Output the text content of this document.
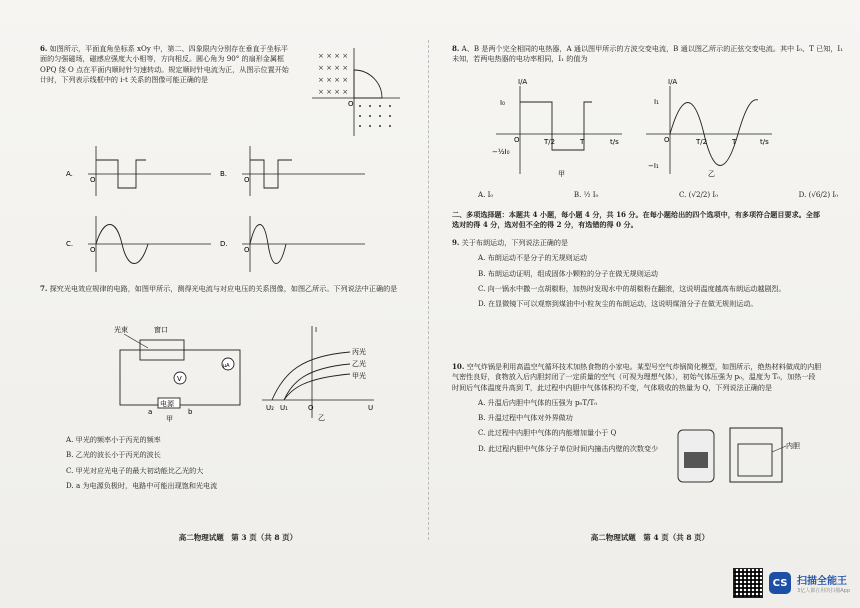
6. 如图所示，平面直角坐标系 xOy 中，第二、四象限内分别存在垂直于坐标平面的匀强磁场，磁感应强度大小相等，方向相反。圆心角为 90° 的扇形金属框 OPQ 绕 O 点在平面内顺时针匀速转动。规定顺时针电流为正，从图示位置开始计时，下列表示线框中的 i-t 关系的图像可能正确的是
× × × ×
× × × ×
× × × ×
× × × ×
O
A.
O
B.
O
C.
O
D.
O
7. 探究光电效应规律的电路，如图甲所示，测得光电流与对应电压的关系图像，如图乙所示。下列说法中正确的是
光束	窗口
V
μA
电源
a	b
甲
I
U
丙光
乙光
甲光
U₂ U₁	O
乙
A. 甲光的频率小于丙光的频率
B. 乙光的波长小于丙光的波长
C. 甲光对应光电子的最大初动能比乙光的大
D. a 为电源负极时，电路中可能出现饱和光电流
高二物理试题　第 3 页（共 8 页）
8. A、B 是两个完全相同的电热器，A 通以图甲所示的方波交变电流，B 通以图乙所示的正弦交变电流。其中 I₀、T 已知，I₁ 未知，若两电热器的电功率相同，I₁ 的值为
I/A
I₀
−½I₀
T/2	T	t/s
O
甲
I/A
I₁
−I₁
T/2	T	t/s
O
乙
A. I₀	B. ½ I₀	C. (√2/2) I₀	D. (√6/2) I₀
二、多项选择题：本题共 4 小题，每小题 4 分，共 16 分。在每小题给出的四个选项中，有多项符合题目要求。全部选对的得 4 分，选对但不全的得 2 分，有选错的得 0 分。
9. 关于布朗运动，下列说法正确的是
A. 布朗运动不是分子的无规则运动
B. 布朗运动证明，组成固体小颗粒的分子在做无规则运动
C. 向一锅水中撒一点胡椒粉，加热时发现水中的胡椒粉在翻滚，这说明温度越高布朗运动越剧烈。
D. 在显微镜下可以观察到煤油中小粒灰尘的布朗运动，这说明煤油分子在做无规则运动。
10. 空气炸锅是利用高温空气循环技术加热食物的小家电。某型号空气炸锅简化模型，如图所示，绝热材料做成的内胆气密性良好，食物放入后内胆封闭了一定质量的空气（可视为理想气体），初始气体压强为 p₀，温度为 T₀，加热一段时间后气体温度升高到 T，此过程中内胆中气体体积均不变，气体吸收的热量为 Q，下列说法正确的是
A. 升温后内胆中气体的压强为 p₀T/T₀
B. 升温过程中气体对外界做功
C. 此过程中内胆中气体的内能增加量小于 Q
D. 此过程内胆中气体分子单位时间内撞击内壁的次数变少	内胆
高二物理试题　第 4 页（共 8 页）
CS 扫描全能王
3亿人都在用的扫描App
